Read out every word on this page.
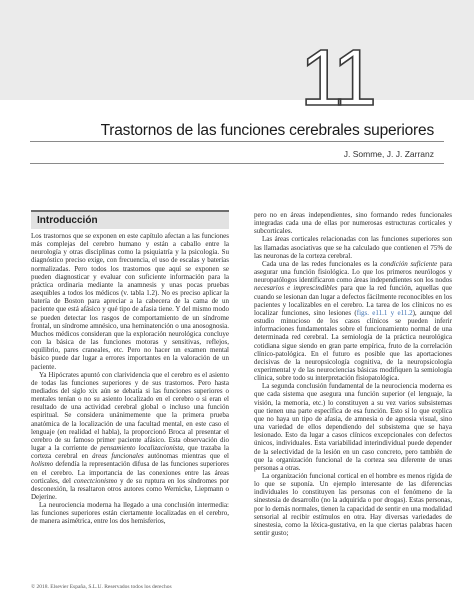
11
Trastornos de las funciones cerebrales superiores
J. Somme, J. J. Zarranz
Introducción

Los trastornos que se exponen en este capítulo afectan a las funciones más complejas del cerebro humano y están a caballo entre la neurología y otras disciplinas como la psiquiatría y la psicología. Su diagnóstico preciso exige, con frecuencia, el uso de escalas y baterías normalizadas. Pero todos los trastornos que aquí se exponen se pueden diagnosticar y evaluar con suficiente información para la práctica ordinaria mediante la anamnesis y unas pocas pruebas asequibles a todos los médicos (v. tabla 1.2). No es preciso aplicar la batería de Boston para apreciar a la cabecera de la cama de un paciente que está afásico y qué tipo de afasia tiene. Y del mismo modo se pueden detectar los rasgos de comportamiento de un síndrome frontal, un síndrome amnésico, una heminatención o una anosognosia. Muchos médicos consideran que la exploración neurológica concluye con la básica de las funciones motoras y sensitivas, reflejos, equilibrio, pares craneales, etc. Pero no hacer un examen mental básico puede dar lugar a errores importantes en la valoración de un paciente.

Ya Hipócrates apuntó con clarividencia que el cerebro es el asiento de todas las funciones superiores y de sus trastornos. Pero hasta mediados del siglo xix aún se debatía si las funciones superiores o mentales tenían o no su asiento localizado en el cerebro o si eran el resultado de una actividad cerebral global o incluso una función espiritual. Se considera unánimemente que la primera prueba anatómica de la localización de una facultad mental, en este caso el lenguaje (en realidad el habla), la proporcionó Broca al presentar el cerebro de su famoso primer paciente afásico. Esta observación dio lugar a la corriente de pensamiento localizacionista, que trazaba la corteza cerebral en áreas funcionales autónomas mientras que el holismo defendía la representación difusa de las funciones superiores en el cerebro. La importancia de las conexiones entre las áreas corticales, del conectcionismo y de su ruptura en los síndromes por desconexión, la resaltaron otros autores como Wernicke, Liepmann o Dejerine.

La neurociencia moderna ha llegado a una conclusión intermedia: las funciones superiores están ciertamente localizadas en el cerebro, de manera asimétrica, entre los dos hemisferios,

pero no en áreas independientes, sino formando redes funcionales integradas cada una de ellas por numerosas estructuras corticales y subcorticales.

Las áreas corticales relacionadas con las funciones superiores son las llamadas asociativas que se ha calculado que contienen el 75% de las neuronas de la corteza cerebral.

Cada una de las redes funcionales es la condición suficiente para asegurar una función fisiológica. Lo que los primeros neurólogos y neuropatólogos identificaron como áreas independientes son los nodos necesarios e imprescindibles para que la red función, aquellas que cuando se lesionan dan lugar a defectos fácilmente reconocibles en los pacientes y localizables en el cerebro. La tarea de los clínicos no es localizar funciones, sino lesiones (figs. e11.1 y e11.2), aunque del estudio minucioso de los casos clínicos se pueden inferir informaciones fundamentales sobre el funcionamiento normal de una determinada red cerebral. La semiología de la práctica neurológica cotidiana sigue siendo en gran parte empírica, fruto de la correlación clínico-patológica. En el futuro es posible que las aportaciones decisivas de la neuropsicología cognitiva, de la neuropsicología experimental y de las neurociencias básicas modifiquen la semiología clínica, sobre todo su interpretación fisiopatológica.

La segunda conclusión fundamental de la neurociencia moderna es que cada sistema que asegura una función superior (el lenguaje, la visión, la memoria, etc.) lo constituyen a su vez varios subsistemas que tienen una parte específica de esa función. Esto sí lo que explica que no haya un tipo de afasia, de amnesia o de agnosia visual, sino una variedad de ellos dependiendo del subsistema que se haya lesionado. Esto da lugar a casos clínicos excepcionales con defectos únicos, individuales. Esta variabilidad interindividual puede depender de la selectividad de la lesión en un caso concreto, pero también de que la organización funcional de la corteza sea diferente de unas personas a otras.

La organización funcional cortical en el hombre es menos rígida de lo que se suponía. Un ejemplo interesante de las diferencias individuales lo constituyen las personas con el fenómeno de la sinestesia de desarrollo (no la adquirida o por drogas). Estas personas, por lo demás normales, tienen la capacidad de sentir en una modalidad sensorial al recibir estímulos en otra. Hay diversas variedades de sinestesia, como la léxica-gustativa, en la que ciertas palabras hacen sentir gusto;

© 2018. Elsevier España, S.L.U. Reservados todos los derechos
